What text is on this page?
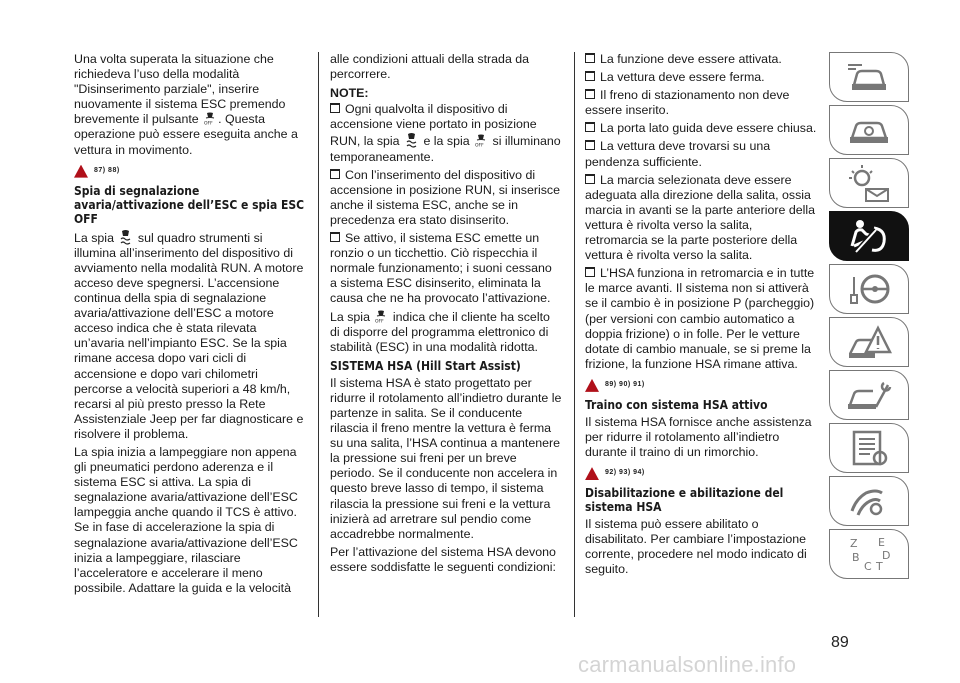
Una volta superata la situazione che richiedeva l’uso della modalità "Disinserimento parziale", inserire nuovamente il sistema ESC premendo brevemente il pulsante OFF . Questa operazione può essere eseguita anche a vettura in movimento.

87) 88)
Spia di segnalazione avaria/attivazione dell’ESC e spia ESC OFF

La spia sul quadro strumenti si illumina all’inserimento del dispositivo di avviamento nella modalità RUN. A motore acceso deve spegnersi. L’accensione continua della spia di segnalazione avaria/attivazione dell’ESC a motore acceso indica che è stata rilevata un’avaria nell’impianto ESC. Se la spia rimane accesa dopo vari cicli di accensione e dopo vari chilometri percorse a velocità superiori a 48 km/h, recarsi al più presto presso la Rete Assistenziale Jeep per far diagnosticare e risolvere il problema.

La spia inizia a lampeggiare non appena gli pneumatici perdono aderenza e il sistema ESC si attiva. La spia di segnalazione avaria/attivazione dell’ESC lampeggia anche quando il TCS è attivo. Se in fase di accelerazione la spia di segnalazione avaria/attivazione dell’ESC inizia a lampeggiare, rilasciare l’acceleratore e accelerare il meno possibile. Adattare la guida e la velocità

alle condizioni attuali della strada da percorrere.

NOTE:

Ogni qualvolta il dispositivo di accensione viene portato in posizione RUN, la spia e la spia OFF si illuminano temporaneamente.

Con l’inserimento del dispositivo di accensione in posizione RUN, si inserisce anche il sistema ESC, anche se in precedenza era stato disinserito.

Se attivo, il sistema ESC emette un ronzio o un ticchettio. Ciò rispecchia il normale funzionamento; i suoni cessano a sistema ESC disinserito, eliminata la causa che ne ha provocato l’attivazione.

La spia OFF indica che il cliente ha scelto di disporre del programma elettronico di stabilità (ESC) in una modalità ridotta.

SISTEMA HSA (Hill Start Assist)

Il sistema HSA è stato progettato per ridurre il rotolamento all’indietro durante le partenze in salita. Se il conducente rilascia il freno mentre la vettura è ferma su una salita, l’HSA continua a mantenere la pressione sui freni per un breve periodo. Se il conducente non accelera in questo breve lasso di tempo, il sistema rilascia la pressione sui freni e la vettura inizierà ad arretrare sul pendio come accadrebbe normalmente.

Per l’attivazione del sistema HSA devono essere soddisfatte le seguenti condizioni:

La funzione deve essere attivata.

La vettura deve essere ferma.

Il freno di stazionamento non deve essere inserito.

La porta lato guida deve essere chiusa.

La vettura deve trovarsi su una pendenza sufficiente.

La marcia selezionata deve essere adeguata alla direzione della salita, ossia marcia in avanti se la parte anteriore della vettura è rivolta verso la salita, retromarcia se la parte posteriore della vettura è rivolta verso la salita.

L’HSA funziona in retromarcia e in tutte le marce avanti. Il sistema non si attiverà se il cambio è in posizione P (parcheggio) (per versioni con cambio automatico a doppia frizione) o in folle. Per le vetture dotate di cambio manuale, se si preme la frizione, la funzione HSA rimane attiva.

89) 90) 91)
Traino con sistema HSA attivo

Il sistema HSA fornisce anche assistenza per ridurre il rotolamento all’indietro durante il traino di un rimorchio.

92) 93) 94)
Disabilitazione e abilitazione del sistema HSA

Il sistema può essere abilitato o disabilitato. Per cambiare l’impostazione corrente, procedere nel modo indicato di seguito.

Z E
B
C T
D
89
carmanualsonline.info
